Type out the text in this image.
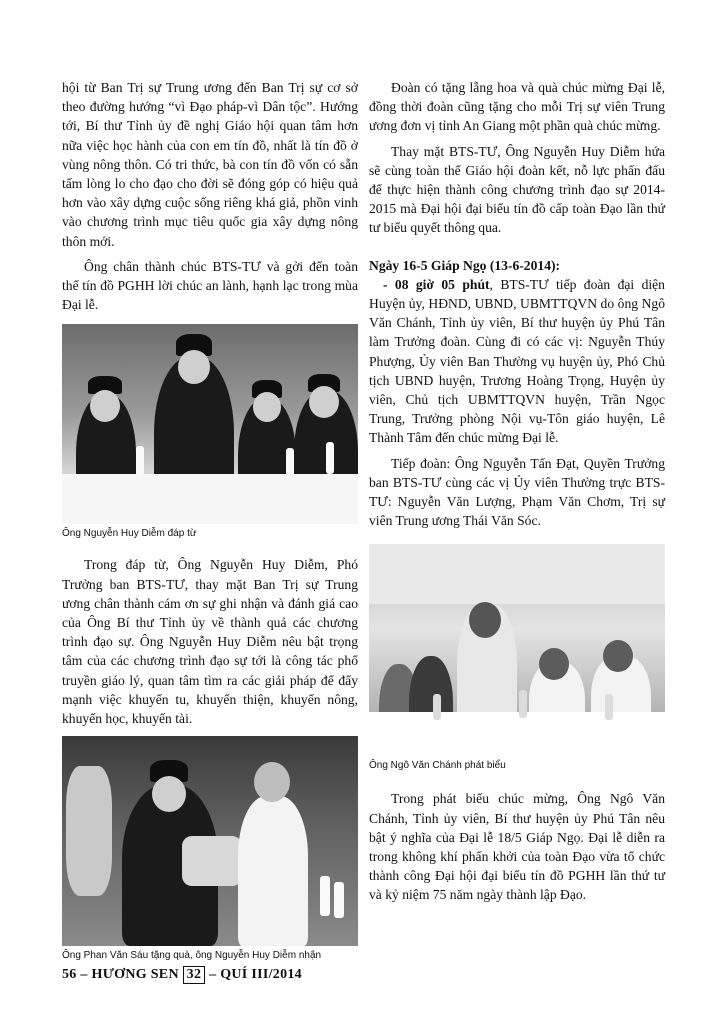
hội từ Ban Trị sự Trung ương đến Ban Trị sự cơ sở theo đường hướng “vì Đạo pháp-vì Dân tộc”. Hướng tới, Bí thư Tỉnh ủy đề nghị Giáo hội quan tâm hơn nữa việc học hành của con em tín đồ, nhất là tín đồ ở vùng nông thôn. Có tri thức, bà con tín đồ vốn có sẵn tấm lòng lo cho đạo cho đời sẽ đóng góp có hiệu quả hơn vào xây dựng cuộc sống riêng khá giả, phồn vinh vào chương trình mục tiêu quốc gia xây dựng nông thôn mới.

Ông chân thành chúc BTS-TƯ và gởi đến toàn thể tín đồ PGHH lời chúc an lành, hạnh lạc trong mùa Đại lễ.

Ông Nguyễn Huy Diễm đáp từ

Trong đáp từ, Ông Nguyễn Huy Diễm, Phó Trưởng ban BTS-TƯ, thay mặt Ban Trị sự Trung ương chân thành cám ơn sự ghi nhận và đánh giá cao của Ông Bí thư Tỉnh ủy về thành quả các chương trình đạo sự. Ông Nguyễn Huy Diễm nêu bật trọng tâm của các chương trình đạo sự tới là công tác phổ truyền giáo lý, quan tâm tìm ra các giải pháp để đẩy mạnh việc khuyến tu, khuyến thiện, khuyến nông, khuyến học, khuyến tài.

Ông Phan Văn Sáu tặng quà, ông Nguyễn Huy Diễm nhận

Đoàn có tặng lẵng hoa và quà chúc mừng Đại lễ, đồng thời đoàn cũng tặng cho mỗi Trị sự viên Trung ương đơn vị tỉnh An Giang một phần quà chúc mừng.

Thay mặt BTS-TƯ, Ông Nguyễn Huy Diễm hứa sẽ cùng toàn thể Giáo hội đoàn kết, nỗ lực phấn đấu để thực hiện thành công chương trình đạo sự 2014-2015 mà Đại hội đại biểu tín đồ cấp toàn Đạo lần thứ tư biểu quyết thông qua.

Ngày 16-5 Giáp Ngọ (13-6-2014):

- 08 giờ 05 phút, BTS-TƯ tiếp đoàn đại diện Huyện ủy, HĐND, UBND, UBMTTQVN do ông Ngô Văn Chánh, Tỉnh ủy viên, Bí thư huyện ủy Phú Tân làm Trưởng đoàn. Cùng đi có các vị: Nguyễn Thúy Phượng, Ủy viên Ban Thường vụ huyện ủy, Phó Chủ tịch UBND huyện, Trương Hoàng Trọng, Huyện ủy viên, Chủ tịch UBMTTQVN huyện, Trần Ngọc Trung, Trưởng phòng Nội vụ-Tôn giáo huyện, Lê Thành Tâm đến chúc mừng Đại lễ.

Tiếp đoàn: Ông Nguyễn Tấn Đạt, Quyền Trưởng ban BTS-TƯ cùng các vị Ủy viên Thường trực BTS-TƯ: Nguyễn Văn Lượng, Phạm Văn Chơm, Trị sự viên Trung ương Thái Văn Sóc.

Ông Ngô Văn Chánh phát biểu

Trong phát biểu chúc mừng, Ông Ngô Văn Chánh, Tỉnh ủy viên, Bí thư huyện ủy Phú Tân nêu bật ý nghĩa của Đại lễ 18/5 Giáp Ngọ. Đại lễ diễn ra trong không khí phấn khởi của toàn Đạo vừa tổ chức thành công Đại hội đại biểu tín đồ PGHH lần thứ tư và kỷ niệm 75 năm ngày thành lập Đạo.

56 – HƯƠNG SEN 32 – QUÍ III/2014
